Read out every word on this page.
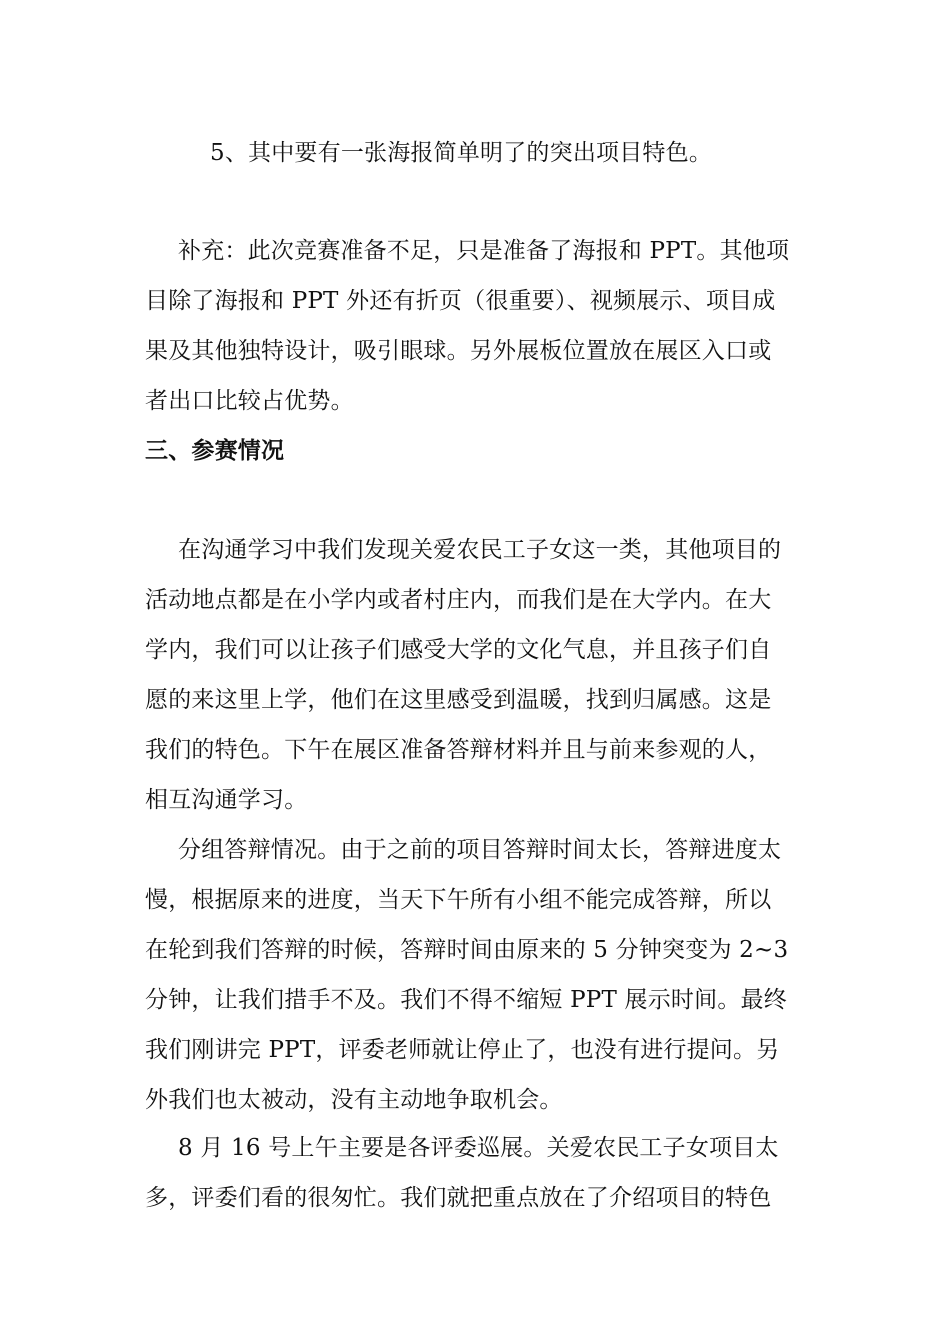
5、其中要有一张海报简单明了的突出项目特色。
补充：此次竞赛准备不足，只是准备了海报和 PPT。其他项
目除了海报和 PPT 外还有折页（很重要）、视频展示、项目成
果及其他独特设计，吸引眼球。另外展板位置放在展区入口或
者出口比较占优势。
三、参赛情况
在沟通学习中我们发现关爱农民工子女这一类，其他项目的
活动地点都是在小学内或者村庄内，而我们是在大学内。在大
学内，我们可以让孩子们感受大学的文化气息，并且孩子们自
愿的来这里上学，他们在这里感受到温暖，找到归属感。这是
我们的特色。下午在展区准备答辩材料并且与前来参观的人，
相互沟通学习。
分组答辩情况。由于之前的项目答辩时间太长，答辩进度太
慢，根据原来的进度，当天下午所有小组不能完成答辩，所以
在轮到我们答辩的时候，答辩时间由原来的 5 分钟突变为 2~3
分钟，让我们措手不及。我们不得不缩短 PPT 展示时间。最终
我们刚讲完 PPT，评委老师就让停止了，也没有进行提问。另
外我们也太被动，没有主动地争取机会。
8 月 16 号上午主要是各评委巡展。关爱农民工子女项目太
多，评委们看的很匆忙。我们就把重点放在了介绍项目的特色
